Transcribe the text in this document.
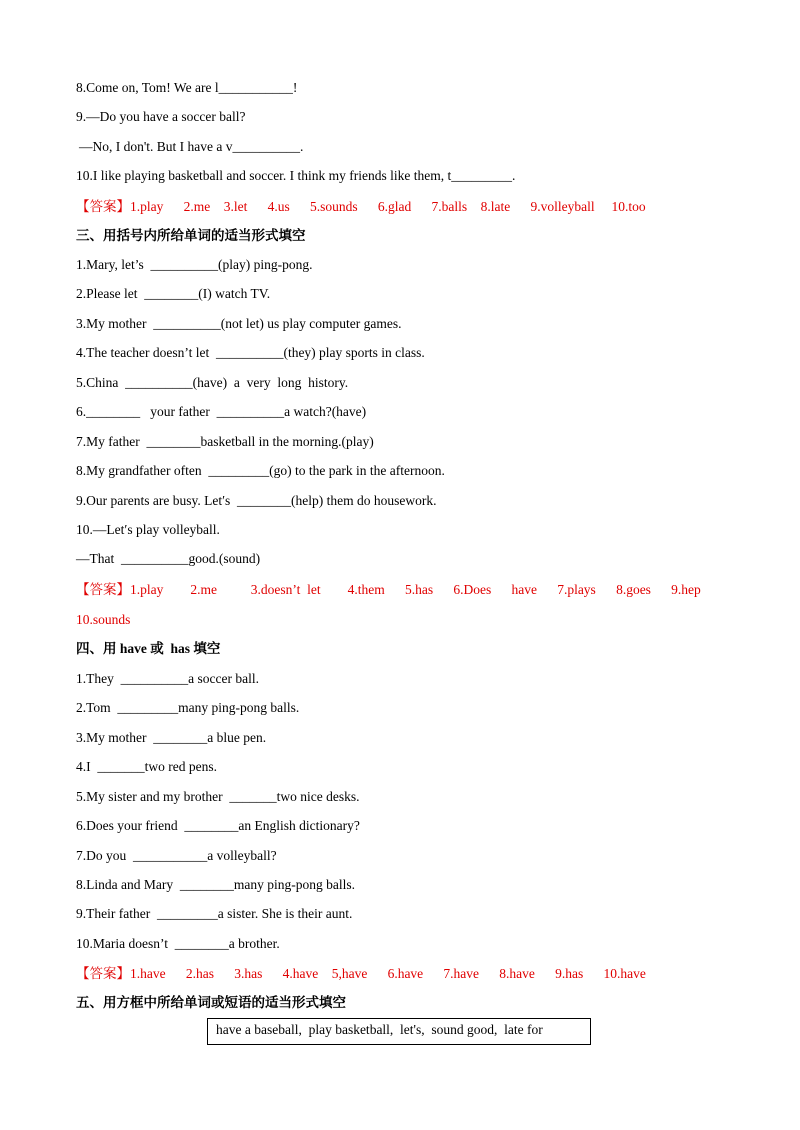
8.Come on, Tom! We are l___________!
9.—Do you have a soccer ball?
—No, I don't. But I have a v__________.
10.I like playing basketball and soccer. I think my friends like them, t_________.
【答案】1.play      2.me    3.let      4.us      5.sounds      6.glad      7.balls    8.late      9.volleyball     10.too
三、用括号内所给单词的适当形式填空
1.Mary, let’s  __________(play) ping-pong.
2.Please let  ________(I) watch TV.
3.My mother  __________(not let) us play computer games.
4.The teacher doesn’t let  __________(they) play sports in class.
5.China  __________(have)  a  very  long  history.
6.________   your father  __________a watch?(have)
7.My father  ________basketball in the morning.(play)
8.My grandfather often  _________(go) to the park in the afternoon.
9.Our parents are busy. Let′s  ________(help) them do housework.
10.—Let′s play volleyball.
—That  __________good.(sound)
【答案】1.play        2.me          3.doesn’t  let        4.them      5.has      6.Does      have      7.plays      8.goes      9.hep
10.sounds
四、用 have 或  has 填空
1.They  __________a soccer ball.
2.Tom  _________many ping-pong balls.
3.My mother  ________a blue pen.
4.I  _______two red pens.
5.My sister and my brother  _______two nice desks.
6.Does your friend  ________an English dictionary?
7.Do you  ___________a volleyball?
8.Linda and Mary  ________many ping-pong balls.
9.Their father  _________a sister. She is their aunt.
10.Maria doesn’t  ________a brother.
【答案】1.have      2.has      3.has      4.have    5,have      6.have      7.have      8.have      9.has      10.have
五、用方框中所给单词或短语的适当形式填空
have a baseball,  play basketball,  let's,  sound good,  late for
